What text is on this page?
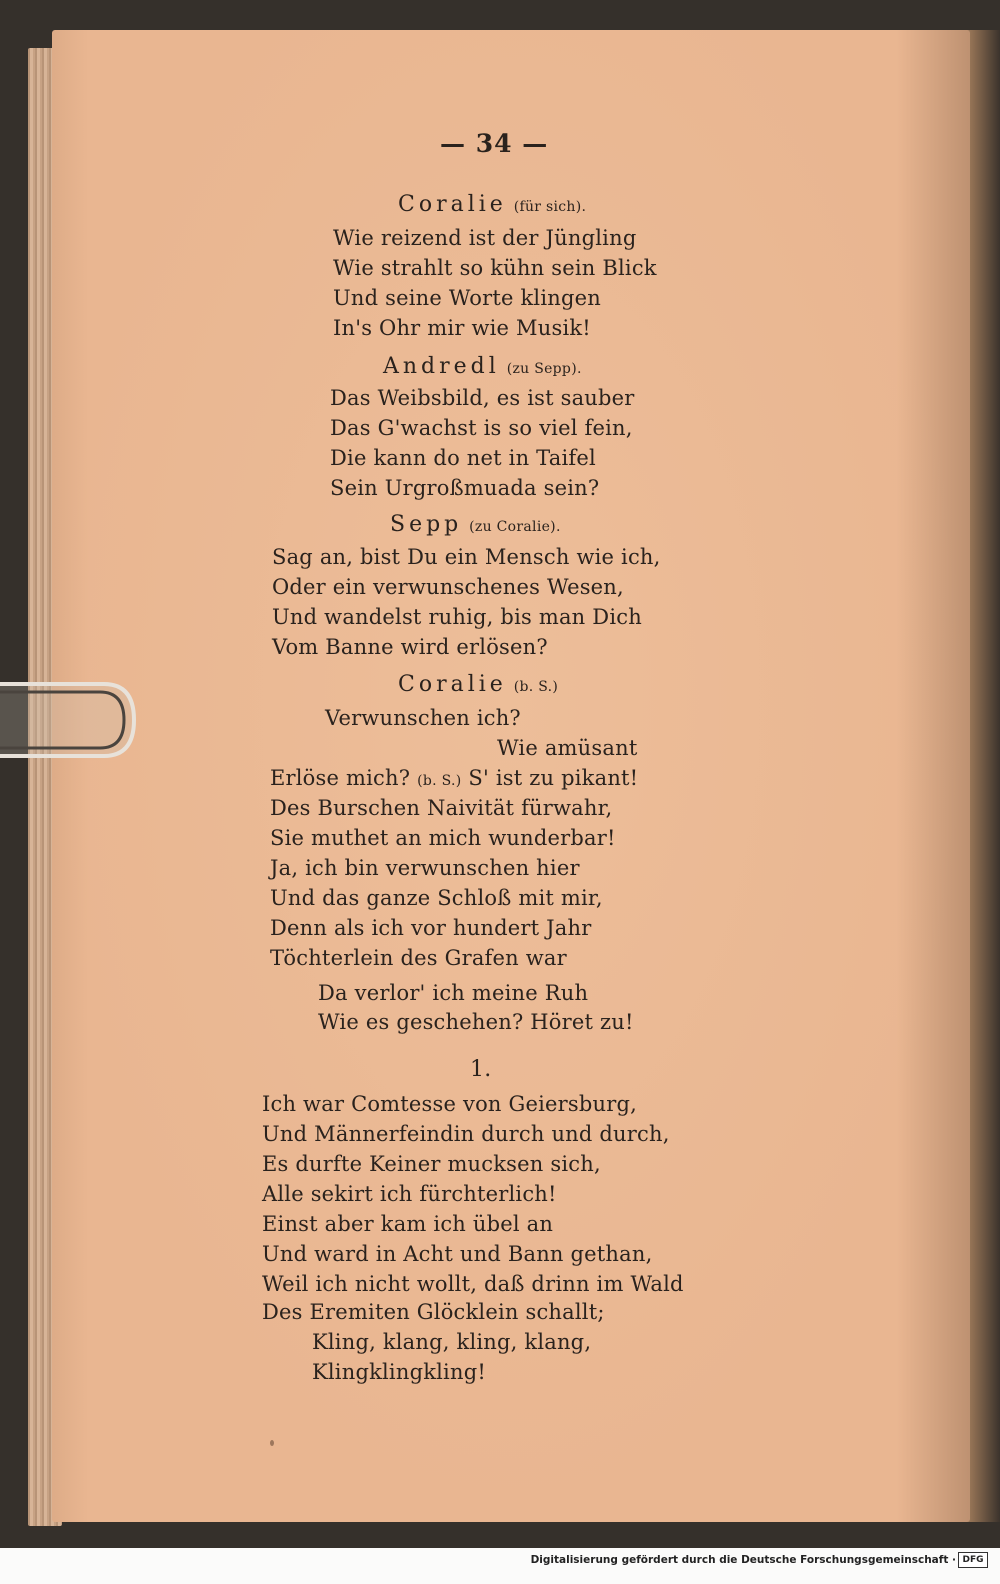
— 34 —
Coralie (für sich).
Wie reizend ist der Jüngling
Wie strahlt so kühn sein Blick
Und seine Worte klingen
In's Ohr mir wie Musik!
Andredl (zu Sepp).
Das Weibsbild, es ist sauber
Das G'wachst is so viel fein,
Die kann do net in Taifel
Sein Urgroßmuada sein?
Sepp (zu Coralie).
Sag an, bist Du ein Mensch wie ich,
Oder ein verwunschenes Wesen,
Und wandelst ruhig, bis man Dich
Vom Banne wird erlösen?
Coralie (b. S.)
Verwunschen ich?
Wie amüsant
Erlöse mich? (b. S.) S' ist zu pikant!
Des Burschen Naivität fürwahr,
Sie muthet an mich wunderbar!
Ja, ich bin verwunschen hier
Und das ganze Schloß mit mir,
Denn als ich vor hundert Jahr
Töchterlein des Grafen war
Da verlor' ich meine Ruh
Wie es geschehen? Höret zu!
1.
Ich war Comtesse von Geiersburg,
Und Männerfeindin durch und durch,
Es durfte Keiner mucksen sich,
Alle sekirt ich fürchterlich!
Einst aber kam ich übel an
Und ward in Acht und Bann gethan,
Weil ich nicht wollt, daß drinn im Wald
Des Eremiten Glöcklein schallt;
Kling, klang, kling, klang,
Klingklingkling!
Digitalisierung gefördert durch die Deutsche Forschungsgemeinschaft · DFG
